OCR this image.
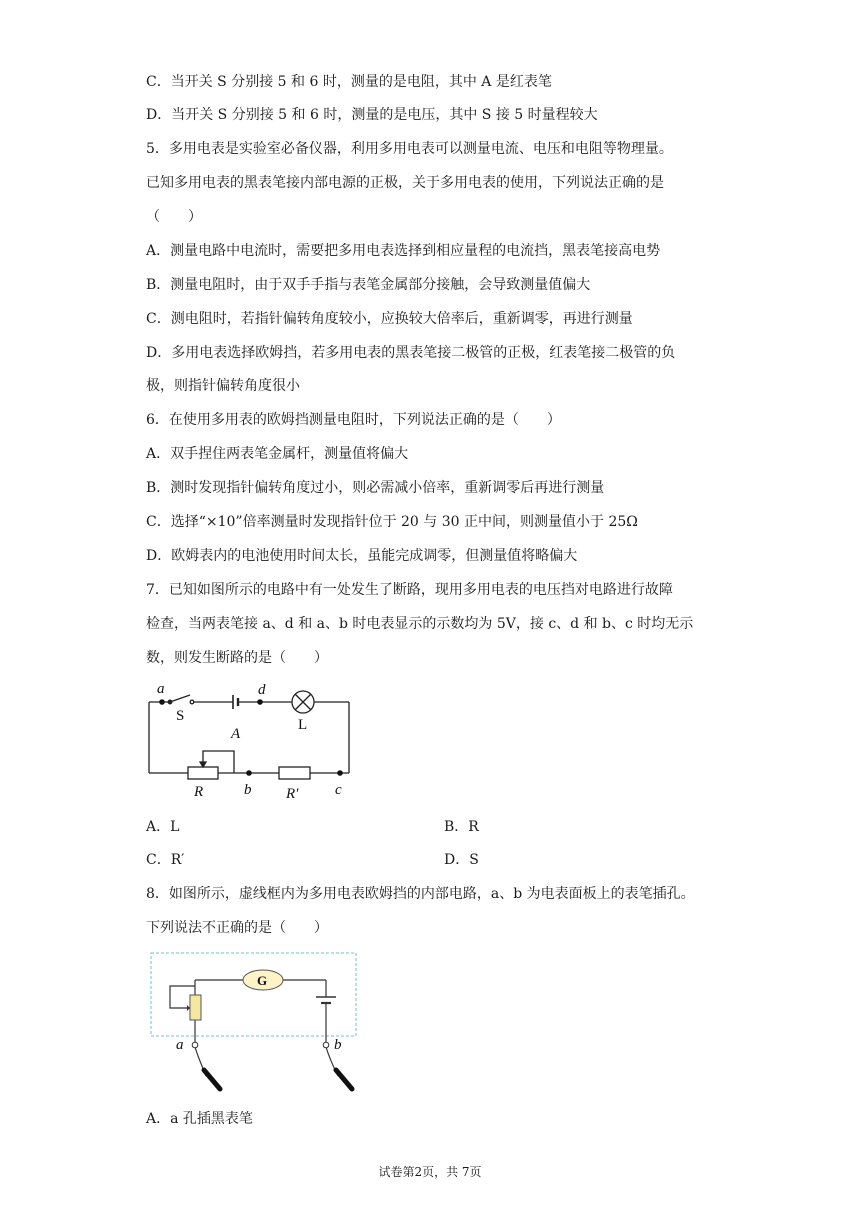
C．当开关 S 分别接 5 和 6 时，测量的是电阻，其中 A 是红表笔
D．当开关 S 分别接 5 和 6 时，测量的是电压，其中 S 接 5 时量程较大
5．多用电表是实验室必备仪器，利用多用电表可以测量电流、电压和电阻等物理量。
已知多用电表的黑表笔接内部电源的正极，关于多用电表的使用，下列说法正确的是
（　　）
A．测量电路中电流时，需要把多用电表选择到相应量程的电流挡，黑表笔接高电势
B．测量电阻时，由于双手手指与表笔金属部分接触，会导致测量值偏大
C．测电阻时，若指针偏转角度较小，应换较大倍率后，重新调零，再进行测量
D．多用电表选择欧姆挡，若多用电表的黑表笔接二极管的正极，红表笔接二极管的负
极，则指针偏转角度很小
6．在使用多用表的欧姆挡测量电阻时，下列说法正确的是（　　）
A．双手捏住两表笔金属杆，测量值将偏大
B．测时发现指针偏转角度过小，则必需减小倍率，重新调零后再进行测量
C．选择“×10”倍率测量时发现指针位于 20 与 30 正中间，则测量值小于 25Ω
D．欧姆表内的电池使用时间太长，虽能完成调零，但测量值将略偏大
7．已知如图所示的电路中有一处发生了断路，现用多用电表的电压挡对电路进行故障
检查，当两表笔接 a、d 和 a、b 时电表显示的示数均为 5V，接 c、d 和 b、c 时均无示
数，则发生断路的是（　　）
a	d
S
L
A
R	b R′ c
A．L	B．R
C．R′	D．S
8．如图所示，虚线框内为多用电表欧姆挡的内部电路，a、b 为电表面板上的表笔插孔。
下列说法不正确的是（　　）
G
a	b
A．a 孔插黑表笔
试卷第2页，共 7页
